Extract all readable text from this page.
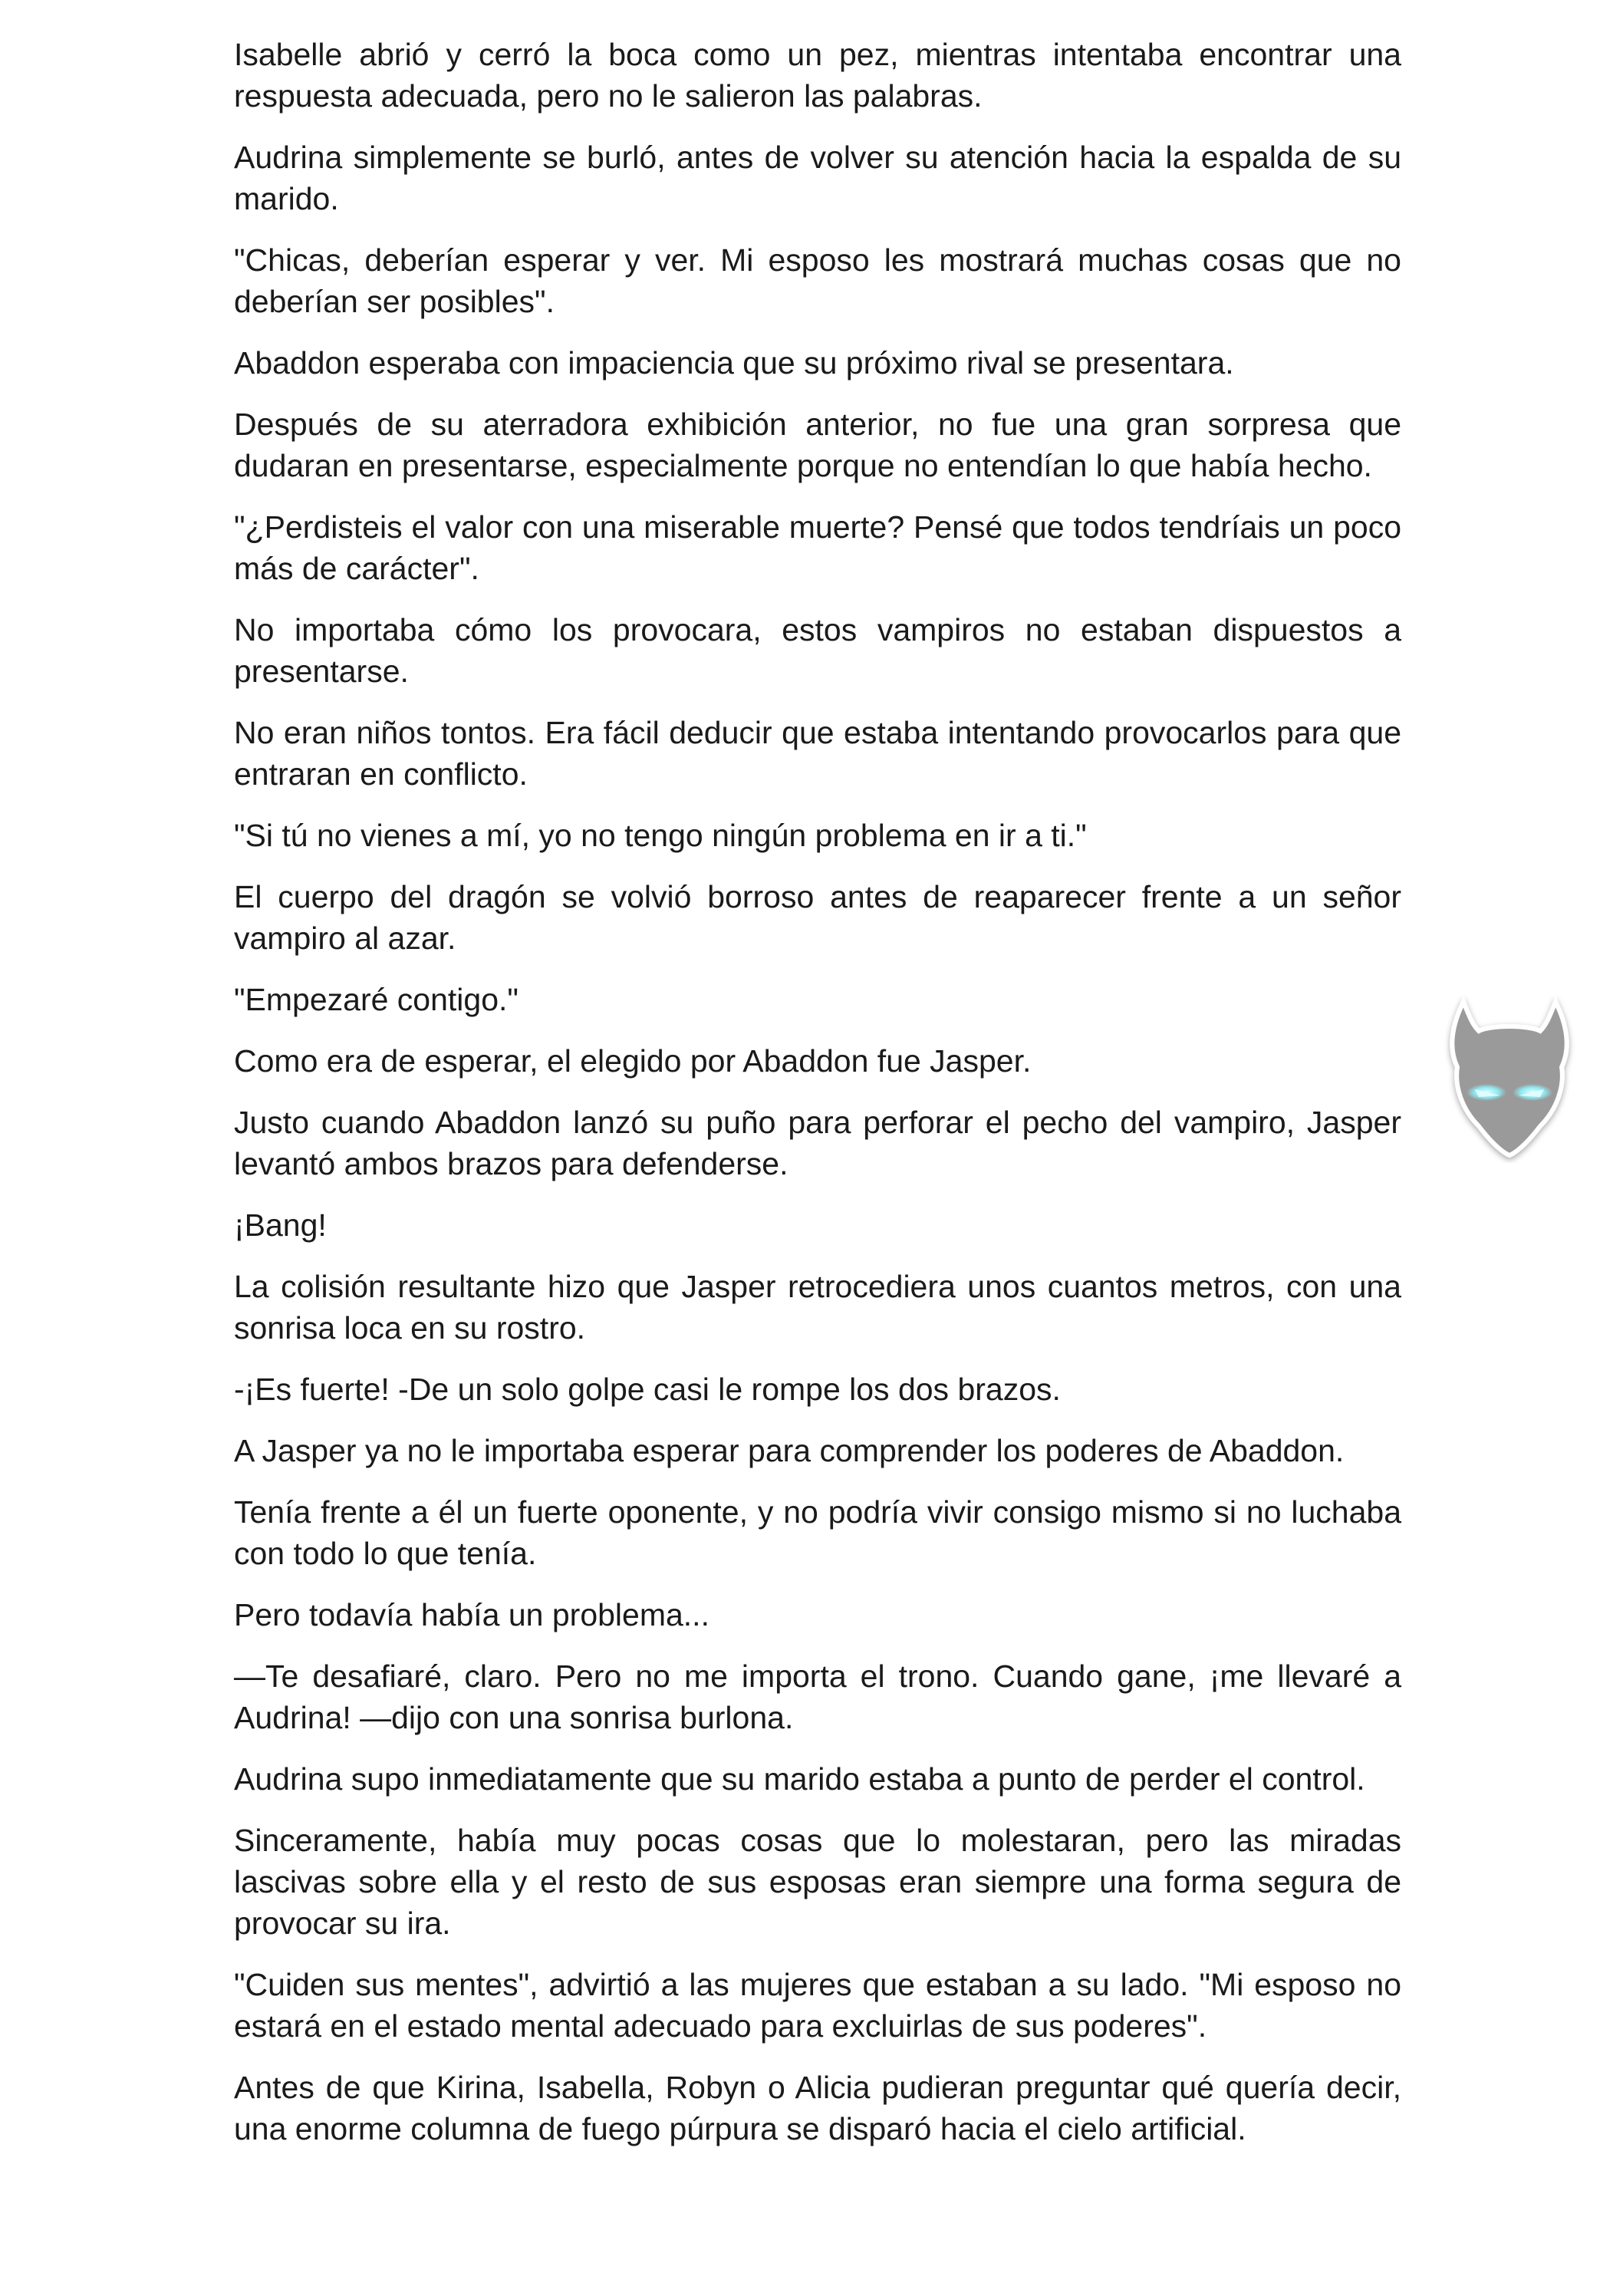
Isabelle abrió y cerró la boca como un pez, mientras intentaba encontrar una respuesta adecuada, pero no le salieron las palabras.

Audrina simplemente se burló, antes de volver su atención hacia la espalda de su marido.

"Chicas, deberían esperar y ver. Mi esposo les mostrará muchas cosas que no deberían ser posibles".

Abaddon esperaba con impaciencia que su próximo rival se presentara.

Después de su aterradora exhibición anterior, no fue una gran sorpresa que dudaran en presentarse, especialmente porque no entendían lo que había hecho.

"¿Perdisteis el valor con una miserable muerte? Pensé que todos tendríais un poco más de carácter".

No importaba cómo los provocara, estos vampiros no estaban dispuestos a presentarse.

No eran niños tontos. Era fácil deducir que estaba intentando provocarlos para que entraran en conflicto.

"Si tú no vienes a mí, yo no tengo ningún problema en ir a ti."

El cuerpo del dragón se volvió borroso antes de reaparecer frente a un señor vampiro al azar.

"Empezaré contigo."

Como era de esperar, el elegido por Abaddon fue Jasper.

Justo cuando Abaddon lanzó su puño para perforar el pecho del vampiro, Jasper levantó ambos brazos para defenderse.

¡Bang!

La colisión resultante hizo que Jasper retrocediera unos cuantos metros, con una sonrisa loca en su rostro.

-¡Es fuerte! -De un solo golpe casi le rompe los dos brazos.

A Jasper ya no le importaba esperar para comprender los poderes de Abaddon.

Tenía frente a él un fuerte oponente, y no podría vivir consigo mismo si no luchaba con todo lo que tenía.

Pero todavía había un problema...

—Te desafiaré, claro. Pero no me importa el trono. Cuando gane, ¡me llevaré a Audrina! —dijo con una sonrisa burlona.

Audrina supo inmediatamente que su marido estaba a punto de perder el control.

Sinceramente, había muy pocas cosas que lo molestaran, pero las miradas lascivas sobre ella y el resto de sus esposas eran siempre una forma segura de provocar su ira.

"Cuiden sus mentes", advirtió a las mujeres que estaban a su lado. "Mi esposo no estará en el estado mental adecuado para excluirlas de sus poderes".

Antes de que Kirina, Isabella, Robyn o Alicia pudieran preguntar qué quería decir, una enorme columna de fuego púrpura se disparó hacia el cielo artificial.
